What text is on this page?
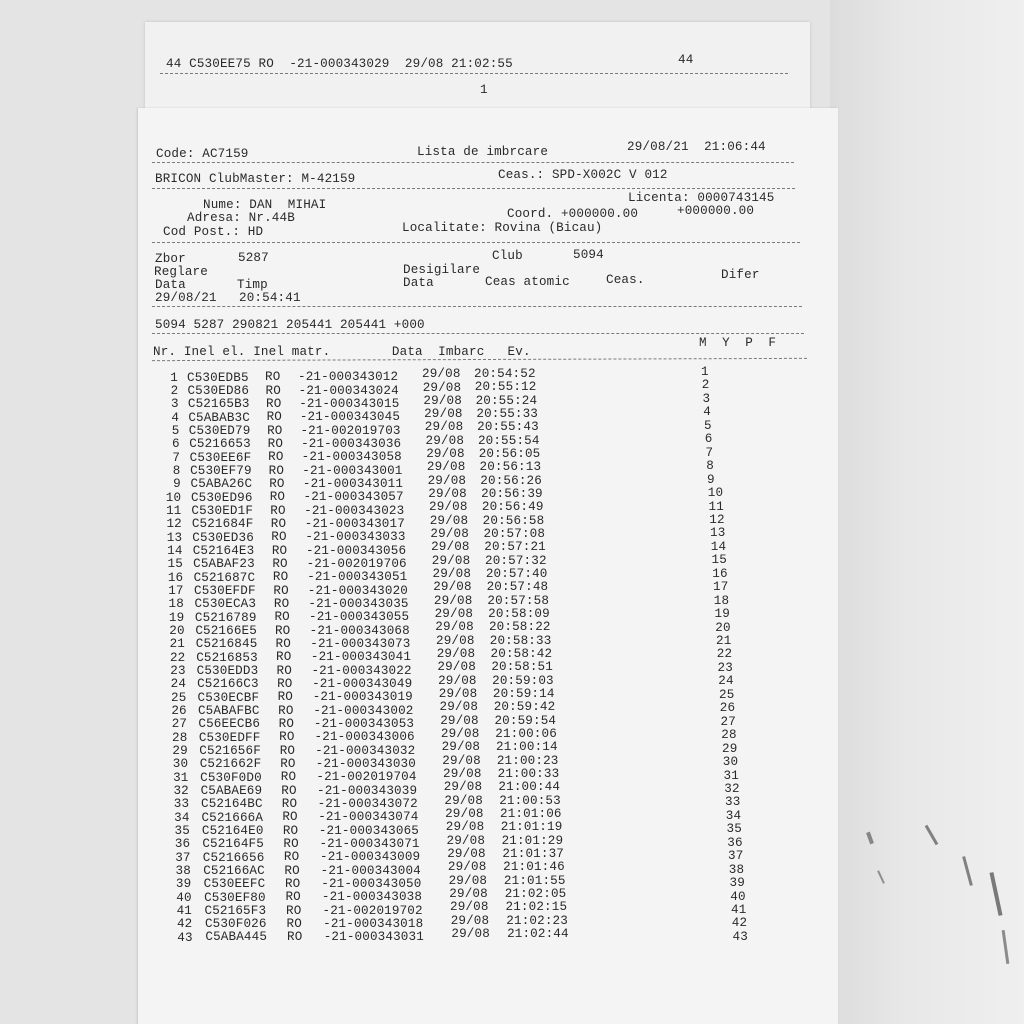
44 C530EE75 RO  -21-000343029  29/08 21:02:55	44
1
Code: AC7159	Lista de imbrcare	29/08/21  21:06:44
BRICON ClubMaster: M-42159	Ceas.: SPD-X002C V 012
Nume: DAN  MIHAI	Licenta: 0000743145
Adresa: Nr.44B	Coord. +000000.00	+000000.00
Cod Post.: HD	Localitate: Rovina (Bicau)
Zbor	5287	Club	5094
Reglare	Desigilare
Data	Timp	Data	Ceas atomic	Ceas.	Difer
29/08/21 20:54:41
5094 5287 290821 205441 205441 +000
Nr. Inel el. Inel matr.        Data  Imbarc   Ev.
M  Y  P  F
1 C530EDB5 RO -21-000343012 29/08 20:54:52	1
2 C530ED86 RO -21-000343024 29/08 20:55:12	2
3 C52165B3 RO -21-000343015 29/08 20:55:24	3
4 C5ABAB3C RO -21-000343045 29/08 20:55:33	4
5 C530ED79 RO -21-002019703 29/08 20:55:43	5
6 C5216653 RO -21-000343036 29/08 20:55:54	6
7 C530EE6F RO -21-000343058 29/08 20:56:05	7
8 C530EF79 RO -21-000343001 29/08 20:56:13	8
9 C5ABA26C RO -21-000343011 29/08 20:56:26	9
10 C530ED96 RO -21-000343057 29/08 20:56:39	10
11 C530ED1F RO -21-000343023 29/08 20:56:49	11
12 C521684F RO -21-000343017 29/08 20:56:58	12
13 C530ED36 RO -21-000343033 29/08 20:57:08	13
14 C52164E3 RO -21-000343056 29/08 20:57:21	14
15 C5ABAF23 RO -21-002019706 29/08 20:57:32	15
16 C521687C RO -21-000343051 29/08 20:57:40	16
17 C530EFDF RO -21-000343020 29/08 20:57:48	17
18 C530ECA3 RO -21-000343035 29/08 20:57:58	18
19 C5216789 RO -21-000343055 29/08 20:58:09	19
20 C52166E5 RO -21-000343068 29/08 20:58:22	20
21 C5216845 RO -21-000343073 29/08 20:58:33	21
22 C5216853 RO -21-000343041 29/08 20:58:42	22
23 C530EDD3 RO -21-000343022 29/08 20:58:51	23
24 C52166C3 RO -21-000343049 29/08 20:59:03	24
25 C530ECBF RO -21-000343019 29/08 20:59:14	25
26 C5ABAFBC RO -21-000343002 29/08 20:59:42	26
27 C56EECB6 RO -21-000343053 29/08 20:59:54	27
28 C530EDFF RO -21-000343006 29/08 21:00:06	28
29 C521656F RO -21-000343032 29/08 21:00:14	29
30 C521662F RO -21-000343030 29/08 21:00:23	30
31 C530F0D0 RO -21-002019704 29/08 21:00:33	31
32 C5ABAE69 RO -21-000343039 29/08 21:00:44	32
33 C52164BC RO -21-000343072 29/08 21:00:53	33
34 C521666A RO -21-000343074 29/08 21:01:06	34
35 C52164E0 RO -21-000343065 29/08 21:01:19	35
36 C52164F5 RO -21-000343071 29/08 21:01:29	36
37 C5216656 RO -21-000343009 29/08 21:01:37	37
38 C52166AC RO -21-000343004 29/08 21:01:46	38
39 C530EEFC RO -21-000343050 29/08 21:01:55	39
40 C530EF80 RO -21-000343038 29/08 21:02:05	40
41 C52165F3 RO -21-002019702 29/08 21:02:15	41
42 C530F026 RO -21-000343018 29/08 21:02:23	42
43 C5ABA445 RO -21-000343031 29/08 21:02:44	43
